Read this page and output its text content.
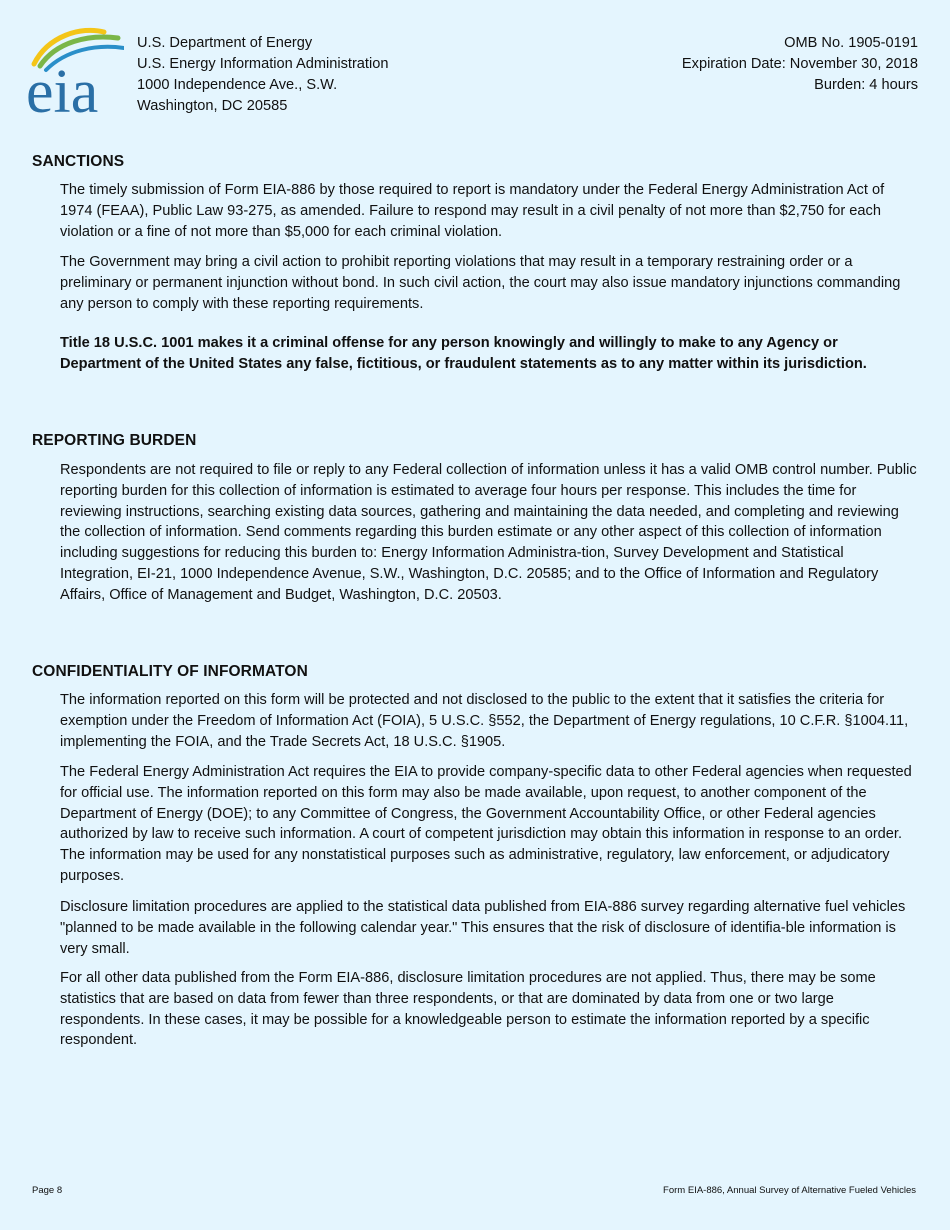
eia
U.S. Department of Energy
U.S. Energy Information Administration
1000 Independence Ave., S.W.
Washington, DC 20585
OMB No. 1905-0191
Expiration Date: November 30, 2018
Burden: 4 hours
SANCTIONS
The timely submission of Form EIA-886 by those required to report is mandatory under the Federal Energy Administration Act of 1974 (FEAA), Public Law 93-275, as amended. Failure to respond may result in a civil penalty of not more than $2,750 for each violation or a fine of not more than $5,000 for each criminal violation.
The Government may bring a civil action to prohibit reporting violations that may result in a temporary restraining order or a preliminary or permanent injunction without bond. In such civil action, the court may also issue mandatory injunctions commanding any person to comply with these reporting requirements.
Title 18 U.S.C. 1001 makes it a criminal offense for any person knowingly and willingly to make to any Agency or Department of the United States any false, fictitious, or fraudulent statements as to any matter within its jurisdiction.
REPORTING BURDEN
Respondents are not required to file or reply to any Federal collection of information unless it has a valid OMB control number. Public reporting burden for this collection of information is estimated to average four hours per response. This includes the time for reviewing instructions, searching existing data sources, gathering and maintaining the data needed, and completing and reviewing the collection of information. Send comments regarding this burden estimate or any other aspect of this collection of information including suggestions for reducing this burden to: Energy Information Administra-tion, Survey Development and Statistical Integration, EI-21, 1000 Independence Avenue, S.W., Washington, D.C. 20585; and to the Office of Information and Regulatory Affairs, Office of Management and Budget, Washington, D.C. 20503.
CONFIDENTIALITY OF INFORMATON
The information reported on this form will be protected and not disclosed to the public to the extent that it satisfies the criteria for exemption under the Freedom of Information Act (FOIA), 5 U.S.C. §552, the Department of Energy regulations, 10 C.F.R. §1004.11, implementing the FOIA, and the Trade Secrets Act, 18 U.S.C. §1905.
The Federal Energy Administration Act requires the EIA to provide company-specific data to other Federal agencies when requested for official use. The information reported on this form may also be made available, upon request, to another component of the Department of Energy (DOE); to any Committee of Congress, the Government Accountability Office, or other Federal agencies authorized by law to receive such information. A court of competent jurisdiction may obtain this information in response to an order. The information may be used for any nonstatistical purposes such as administrative, regulatory, law enforcement, or adjudicatory purposes.
Disclosure limitation procedures are applied to the statistical data published from EIA-886 survey regarding alternative fuel vehicles "planned to be made available in the following calendar year." This ensures that the risk of disclosure of identifia-ble information is very small.
For all other data published from the Form EIA-886, disclosure limitation procedures are not applied. Thus, there may be some statistics that are based on data from fewer than three respondents, or that are dominated by data from one or two large respondents. In these cases, it may be possible for a knowledgeable person to estimate the information reported by a specific respondent.
Page 8	Form EIA-886, Annual Survey of Alternative Fueled Vehicles
